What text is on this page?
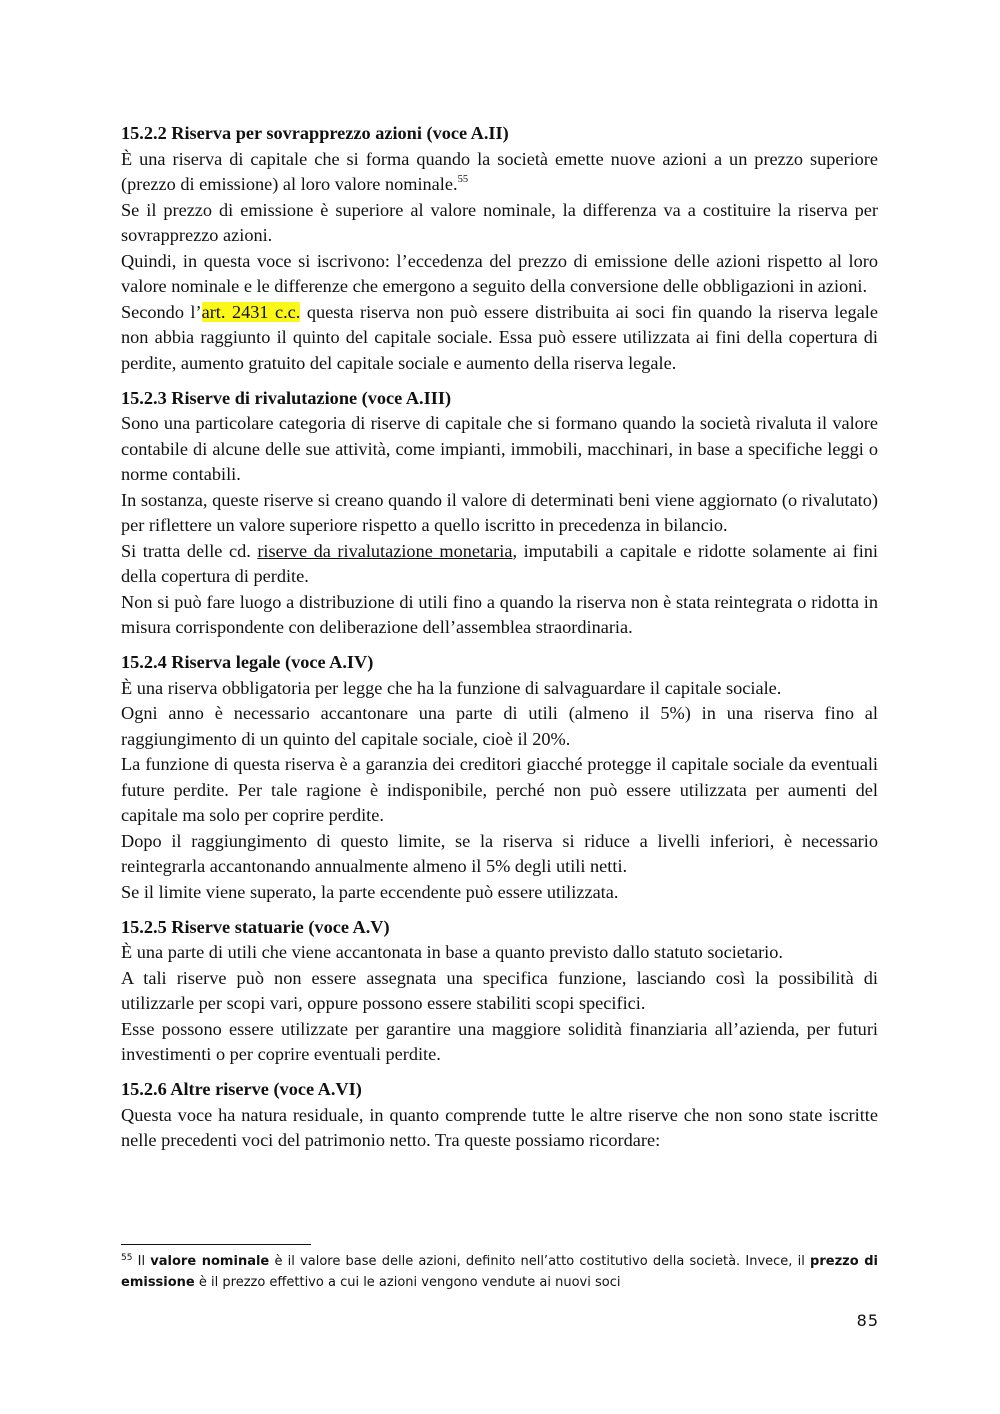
15.2.2 Riserva per sovrapprezzo azioni (voce A.II)
È una riserva di capitale che si forma quando la società emette nuove azioni a un prezzo superiore (prezzo di emissione) al loro valore nominale.$^{55}$
Se il prezzo di emissione è superiore al valore nominale, la differenza va a costituire la riserva per sovrapprezzo azioni.
Quindi, in questa voce si iscrivono: l’eccedenza del prezzo di emissione delle azioni rispetto al loro valore nominale e le differenze che emergono a seguito della conversione delle obbligazioni in azioni.
Secondo l’art. 2431 c.c. questa riserva non può essere distribuita ai soci fin quando la riserva legale non abbia raggiunto il quinto del capitale sociale. Essa può essere utilizzata ai fini della copertura di perdite, aumento gratuito del capitale sociale e aumento della riserva legale.
15.2.3 Riserve di rivalutazione (voce A.III)
Sono una particolare categoria di riserve di capitale che si formano quando la società rivaluta il valore contabile di alcune delle sue attività, come impianti, immobili, macchinari, in base a specifiche leggi o norme contabili.
In sostanza, queste riserve si creano quando il valore di determinati beni viene aggiornato (o rivalutato) per riflettere un valore superiore rispetto a quello iscritto in precedenza in bilancio.
Si tratta delle cd. riserve da rivalutazione monetaria, imputabili a capitale e ridotte solamente ai fini della copertura di perdite.
Non si può fare luogo a distribuzione di utili fino a quando la riserva non è stata reintegrata o ridotta in misura corrispondente con deliberazione dell’assemblea straordinaria.
15.2.4 Riserva legale (voce A.IV)
È una riserva obbligatoria per legge che ha la funzione di salvaguardare il capitale sociale.
Ogni anno è necessario accantonare una parte di utili (almeno il 5%) in una riserva fino al raggiungimento di un quinto del capitale sociale, cioè il 20%.
La funzione di questa riserva è a garanzia dei creditori giacché protegge il capitale sociale da eventuali future perdite. Per tale ragione è indisponibile, perché non può essere utilizzata per aumenti del capitale ma solo per coprire perdite.
Dopo il raggiungimento di questo limite, se la riserva si riduce a livelli inferiori, è necessario reintegrarla accantonando annualmente almeno il 5% degli utili netti.
Se il limite viene superato, la parte eccendente può essere utilizzata.
15.2.5 Riserve statuarie (voce A.V)
È una parte di utili che viene accantonata in base a quanto previsto dallo statuto societario.
A tali riserve può non essere assegnata una specifica funzione, lasciando così la possibilità di utilizzarle per scopi vari, oppure possono essere stabiliti scopi specifici.
Esse possono essere utilizzate per garantire una maggiore solidità finanziaria all’azienda, per futuri investimenti o per coprire eventuali perdite.
15.2.6 Altre riserve (voce A.VI)
Questa voce ha natura residuale, in quanto comprende tutte le altre riserve che non sono state iscritte nelle precedenti voci del patrimonio netto. Tra queste possiamo ricordare:
$^{55}$ Il valore nominale è il valore base delle azioni, definito nell’atto costitutivo della società. Invece, il prezzo di emissione è il prezzo effettivo a cui le azioni vengono vendute ai nuovi soci
85
